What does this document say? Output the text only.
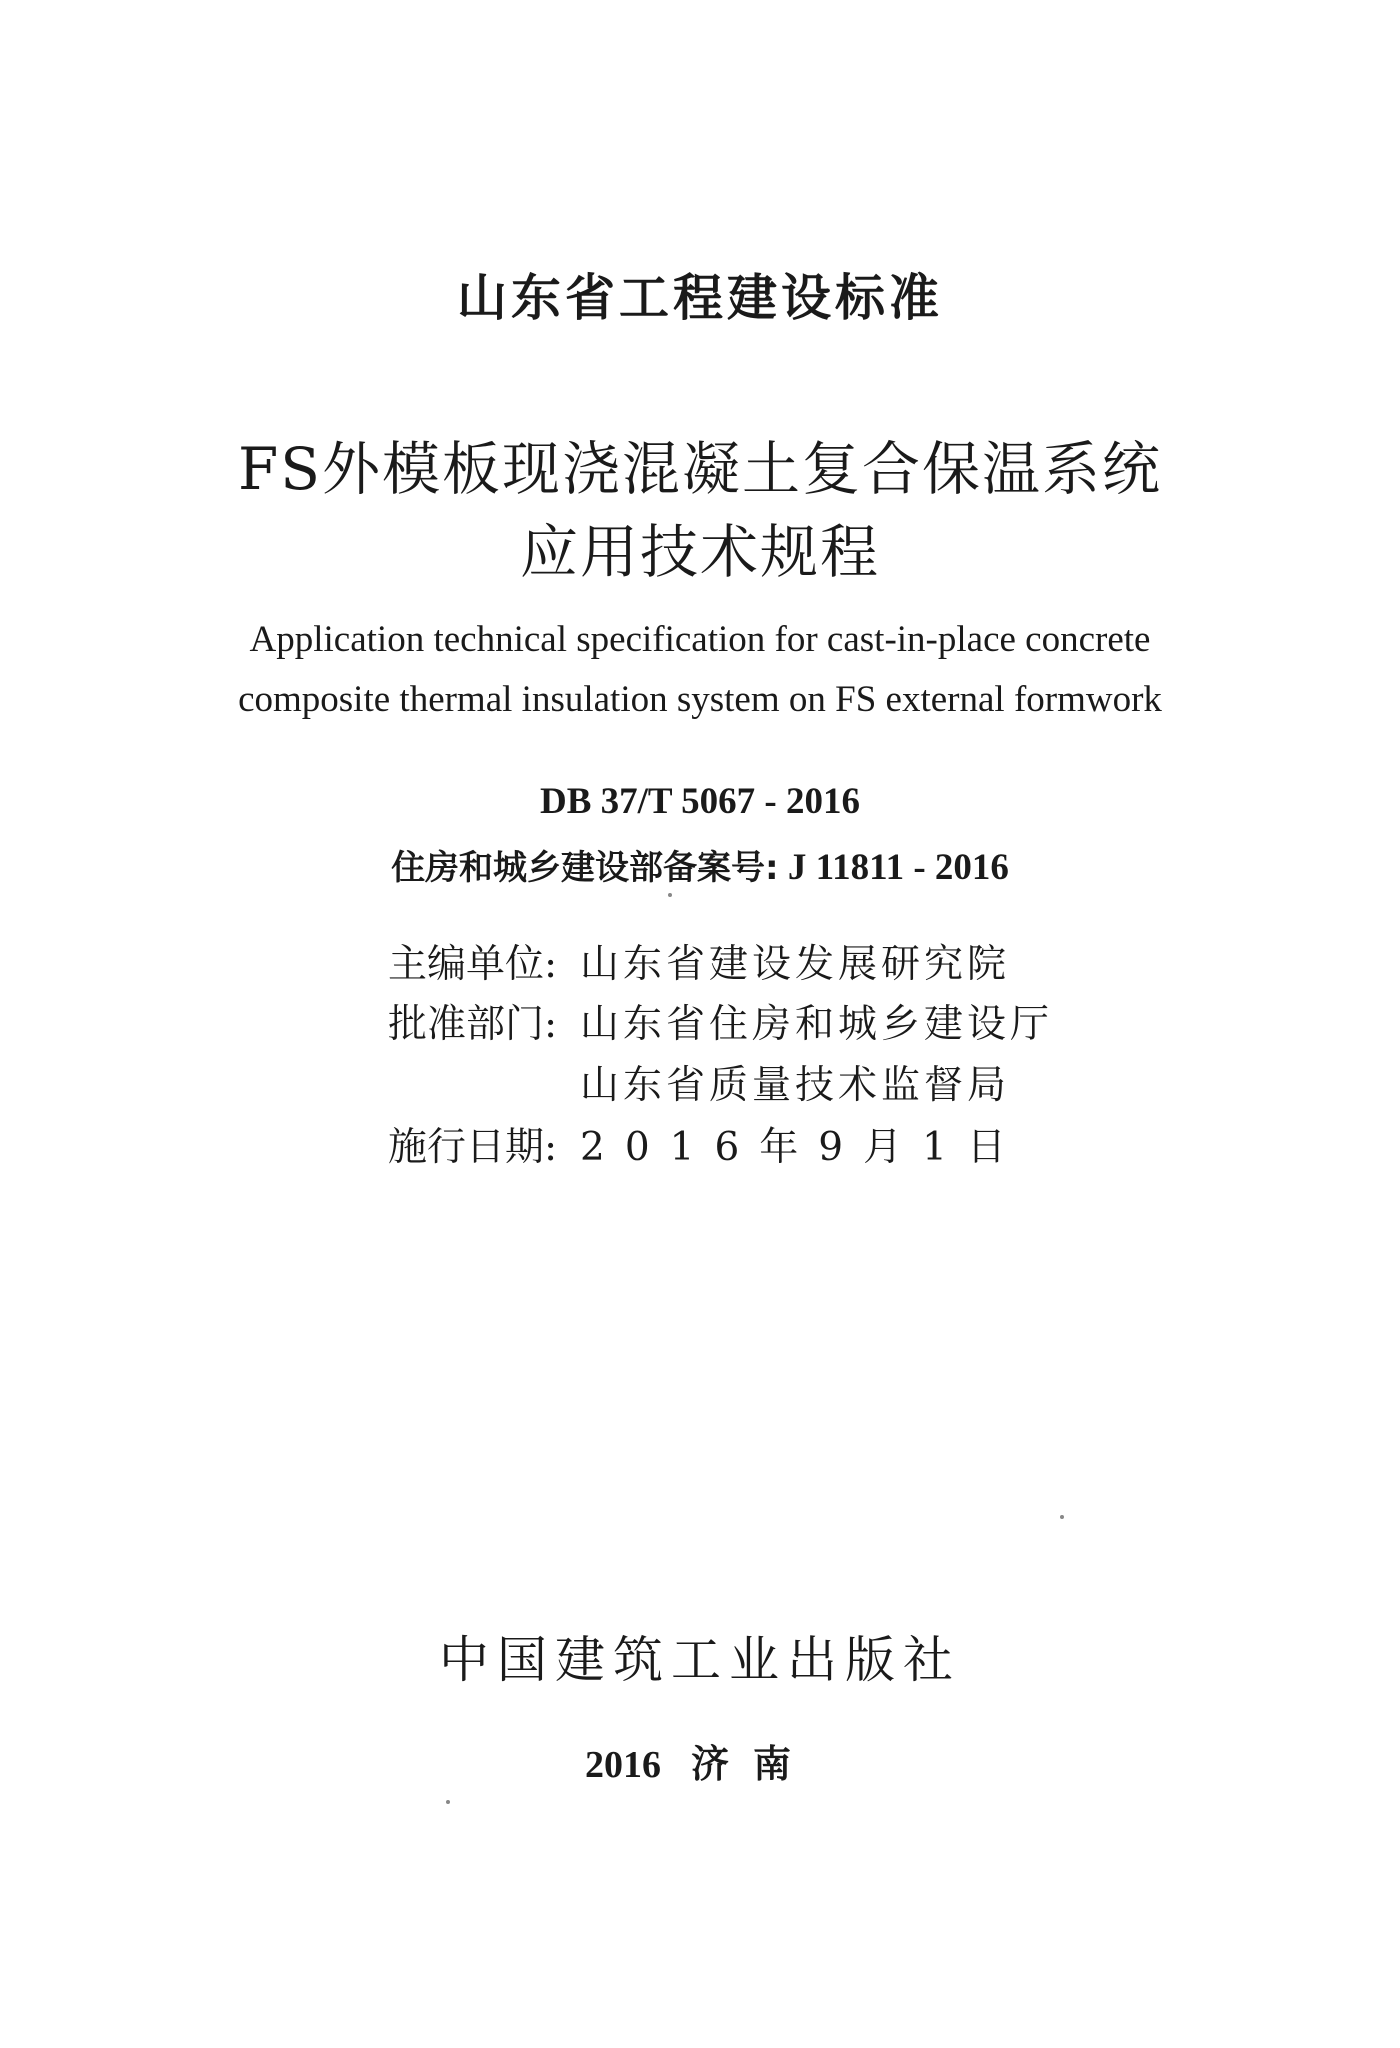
山东省工程建设标准
FS外模板现浇混凝土复合保温系统
应用技术规程
Application technical specification for cast-in-place concrete
composite thermal insulation system on FS external formwork
DB 37/T 5067 - 2016
住房和城乡建设部备案号: J 11811 - 2016
主编单位: 山东省建设发展研究院
批准部门: 山东省住房和城乡建设厅
山东省质量技术监督局
施行日期: 2016年9月1日
中国建筑工业出版社
2016 济南
